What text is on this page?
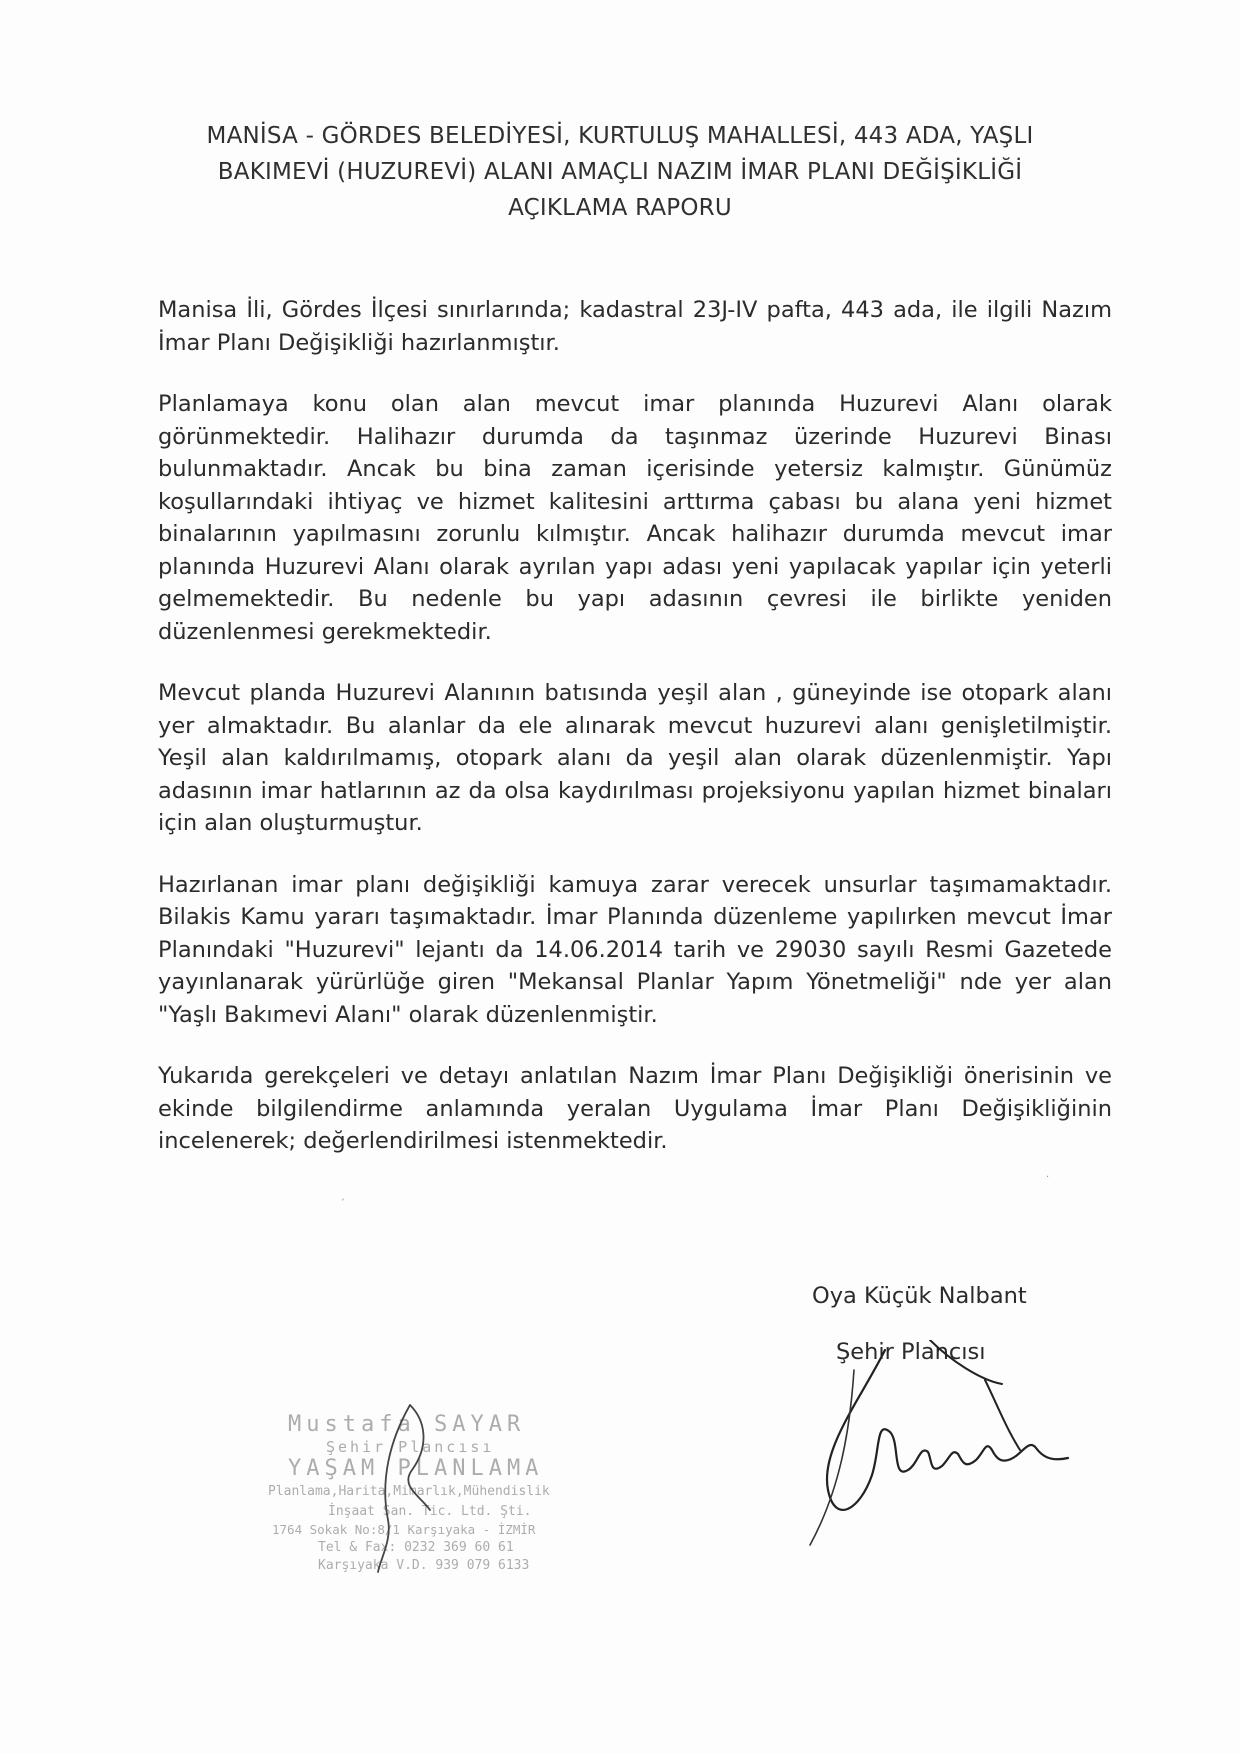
MANİSA - GÖRDES BELEDİYESİ, KURTULUŞ MAHALLESİ, 443 ADA, YAŞLI
BAKIMEVİ (HUZUREVİ) ALANI AMAÇLI NAZIM İMAR PLANI DEĞİŞİKLİĞİ
AÇIKLAMA RAPORU

Manisa İli, Gördes İlçesi sınırlarında; kadastral 23J-IV pafta, 443 ada, ile ilgili Nazım İmar Planı Değişikliği hazırlanmıştır.

Planlamaya konu olan alan mevcut imar planında Huzurevi Alanı olarak görünmektedir. Halihazır durumda da taşınmaz üzerinde Huzurevi Binası bulunmaktadır. Ancak bu bina zaman içerisinde yetersiz kalmıştır. Günümüz koşullarındaki ihtiyaç ve hizmet kalitesini arttırma çabası bu alana yeni hizmet binalarının yapılmasını zorunlu kılmıştır. Ancak halihazır durumda mevcut imar planında Huzurevi Alanı olarak ayrılan yapı adası yeni yapılacak yapılar için yeterli gelmemektedir. Bu nedenle bu yapı adasının çevresi ile birlikte yeniden düzenlenmesi gerekmektedir.

Mevcut planda Huzurevi Alanının batısında yeşil alan , güneyinde ise otopark alanı yer almaktadır. Bu alanlar da ele alınarak mevcut huzurevi alanı genişletilmiştir. Yeşil alan kaldırılmamış, otopark alanı da yeşil alan olarak düzenlenmiştir. Yapı adasının imar hatlarının az da olsa kaydırılması projeksiyonu yapılan hizmet binaları için alan oluşturmuştur.

Hazırlanan imar planı değişikliği kamuya zarar verecek unsurlar taşımamaktadır. Bilakis Kamu yararı taşımaktadır. İmar Planında düzenleme yapılırken mevcut İmar Planındaki "Huzurevi" lejantı da 14.06.2014 tarih ve 29030 sayılı Resmi Gazetede yayınlanarak yürürlüğe giren "Mekansal Planlar Yapım Yönetmeliği" nde yer alan "Yaşlı Bakımevi Alanı" olarak düzenlenmiştir.

Yukarıda gerekçeleri ve detayı anlatılan Nazım İmar Planı Değişikliği önerisinin ve ekinde bilgilendirme anlamında yeralan Uygulama İmar Planı Değişikliğinin incelenerek; değerlendirilmesi istenmektedir.

·
ˏ
Oya Küçük Nalbant
Şehir Plancısı
Mustafa SAYAR
Şehir Plancısı
YAŞAM PLANLAMA
Planlama,Harita,Mimarlık,Mühendislik
İnşaat San. Tic. Ltd. Şti.
1764 Sokak No:8/1 Karşıyaka - İZMİR
Tel & Fax: 0232 369 60 61
Karşıyaka V.D. 939 079 6133
